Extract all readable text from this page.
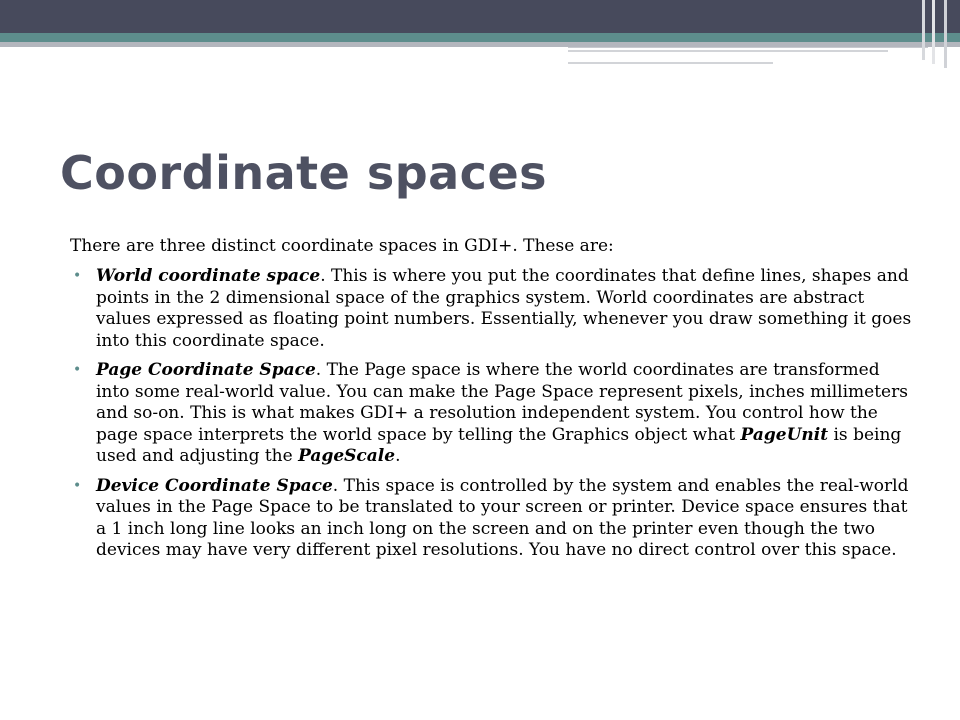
Coordinate spaces

There are three distinct coordinate spaces in GDI+. These are:

• World coordinate space. This is where you put the coordinates that define lines, shapes and points in the 2 dimensional space of the graphics system. World coordinates are abstract values expressed as floating point numbers. Essentially, whenever you draw something it goes into this coordinate space.
• Page Coordinate Space. The Page space is where the world coordinates are transformed into some real-world value. You can make the Page Space represent pixels, inches millimeters and so-on. This is what makes GDI+ a resolution independent system. You control how the page space interprets the world space by telling the Graphics object what PageUnit is being used and adjusting the PageScale.
• Device Coordinate Space. This space is controlled by the system and enables the real-world values in the Page Space to be translated to your screen or printer. Device space ensures that a 1 inch long line looks an inch long on the screen and on the printer even though the two devices may have very different pixel resolutions. You have no direct control over this space.
